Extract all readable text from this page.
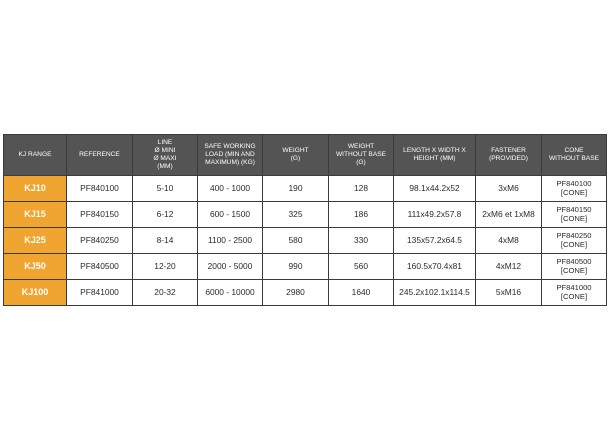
KJ RANGE	REFERENCE	LINE
Ø MINI
Ø MAXI
(MM)	SAFE WORKING
LOAD (MIN AND
MAXIMUM) (KG)	WEIGHT
(G)	WEIGHT
WITHOUT BASE
(G)	LENGTH X WIDTH X
HEIGHT (MM)	FASTENER
(PROVIDED)	CONE
WITHOUT BASE
KJ10	PF840100	5-10	400 - 1000	190	128	98.1x44.2x52	3xM6	PF840100
[CONE]
KJ15	PF840150	6-12	600 - 1500	325	186	111x49.2x57.8	2xM6 et 1xM8	PF840150
[CONE]
KJ25	PF840250	8-14	1100 - 2500	580	330	135x57.2x64.5	4xM8	PF840250
[CONE]
KJ50	PF840500	12-20	2000 - 5000	990	560	160.5x70.4x81	4xM12	PF840500
[CONE]
KJ100	PF841000	20-32	6000 - 10000	2980	1640	245.2x102.1x114.5	5xM16	PF841000
[CONE]
